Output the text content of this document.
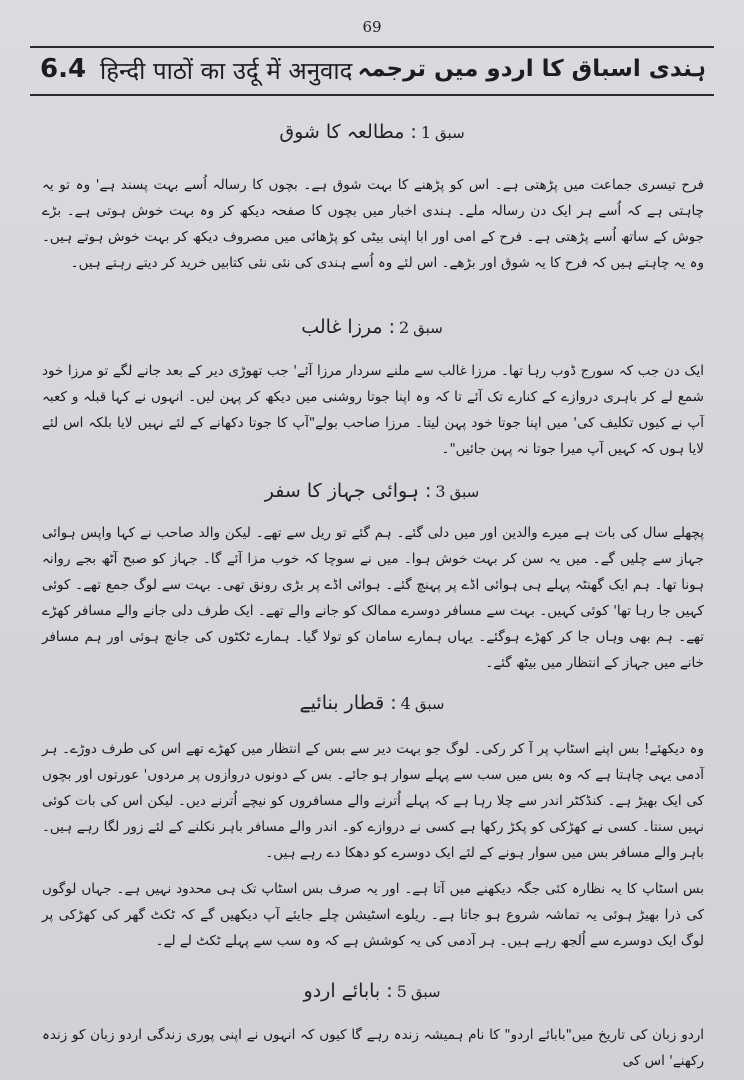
69
6.4 हिन्दी पाठों का उर्दू में अनुवाद ہندی اسباق کا اردو میں ترجمہ
سبق1: مطالعہ کا شوق
فرح تیسری جماعت میں پڑھتی ہے۔ اس کو پڑھنے کا بہت شوق ہے۔ بچوں کا رسالہ اُسے بہت پسند ہے' وہ تو یہ چاہتی ہے کہ اُسے ہر ایک دن رسالہ ملے۔ ہندی اخبار میں بچوں کا صفحہ دیکھ کر وہ بہت خوش ہوتی ہے۔ بڑے جوش کے ساتھ اُسے پڑھتی ہے۔ فرح کے امی اور ابا اپنی بیٹی کو پڑھائی میں مصروف دیکھ کر بہت خوش ہوتے ہیں۔ وہ یہ چاہتے ہیں کہ فرح کا یہ شوق اور بڑھے۔ اس لئے وہ اُسے ہندی کی نئی نئی کتابیں خرید کر دیتے رہتے ہیں۔
سبق2: مرزا غالب
ایک دن جب کہ سورج ڈوب رہا تھا۔ مرزا غالب سے ملنے سردار مرزا آئے' جب تھوڑی دیر کے بعد جانے لگے تو مرزا خود شمع لے کر باہری دروازے کے کنارے تک آئے تا کہ وہ اپنا جوتا روشنی میں دیکھ کر پہن لیں۔ انہوں نے کہا قبلہ و کعبہ آپ نے کیوں تکلیف کی' میں اپنا جوتا خود پہن لیتا۔ مرزا صاحب بولے"آپ کا جوتا دکھانے کے لئے نہیں لایا بلکہ اس لئے لایا ہوں کہ کہیں آپ میرا جوتا نہ پہن جائیں"۔
سبق3: ہوائی جہاز کا سفر
پچھلے سال کی بات ہے میرے والدین اور میں دلی گئے۔ ہم گئے تو ریل سے تھے۔ لیکن والد صاحب نے کہا واپس ہوائی جہاز سے چلیں گے۔ میں یہ سن کر بہت خوش ہوا۔ میں نے سوچا کہ خوب مزا آئے گا۔ جہاز کو صبح آٹھ بجے روانہ ہونا تھا۔ ہم ایک گھنٹہ پہلے ہی ہوائی اڈے پر پہنچ گئے۔ ہوائی اڈے پر بڑی رونق تھی۔ بہت سے لوگ جمع تھے۔ کوئی کہیں جا رہا تھا' کوئی کہیں۔ بہت سے مسافر دوسرے ممالک کو جانے والے تھے۔ ایک طرف دلی جانے والے مسافر کھڑے تھے۔ ہم بھی وہاں جا کر کھڑے ہوگئے۔ یہاں ہمارے سامان کو تولا گیا۔ ہمارے ٹکٹوں کی جانچ ہوئی اور ہم مسافر خانے میں جہاز کے انتظار میں بیٹھ گئے۔
سبق4: قطار بنائیے
وہ دیکھئے! بس اپنے اسٹاپ پر آ کر رکی۔ لوگ جو بہت دیر سے بس کے انتظار میں کھڑے تھے اس کی طرف دوڑے۔ ہر آدمی یہی چاہتا ہے کہ وہ بس میں سب سے پہلے سوار ہو جائے۔ بس کے دونوں دروازوں پر مردوں' عورتوں اور بچوں کی ایک بھیڑ ہے۔ کنڈکٹر اندر سے چلا رہا ہے کہ پہلے اُترنے والے مسافروں کو نیچے اُترنے دیں۔ لیکن اس کی بات کوئی نہیں سنتا۔ کسی نے کھڑکی کو پکڑ رکھا ہے کسی نے دروازے کو۔ اندر والے مسافر باہر نکلنے کے لئے زور لگا رہے ہیں۔ باہر والے مسافر بس میں سوار ہونے کے لئے ایک دوسرے کو دھکا دے رہے ہیں۔
بس اسٹاپ کا یہ نظارہ کئی جگہ دیکھنے میں آتا ہے۔ اور یہ صرف بس اسٹاپ تک ہی محدود نہیں ہے۔ جہاں لوگوں کی ذرا بھیڑ ہوئی یہ تماشہ شروع ہو جاتا ہے۔ ریلوے اسٹیشن چلے جایئے آپ دیکھیں گے کہ ٹکٹ گھر کی کھڑکی پر لوگ ایک دوسرے سے اُلجھ رہے ہیں۔ ہر آدمی کی یہ کوشش ہے کہ وہ سب سے پہلے ٹکٹ لے لے۔
سبق5: بابائے اردو
اردو زبان کی تاریخ میں"بابائے اردو" کا نام ہمیشہ زندہ رہے گا کیوں کہ انہوں نے اپنی پوری زندگی اردو زبان کو زندہ رکھنے' اس کی
